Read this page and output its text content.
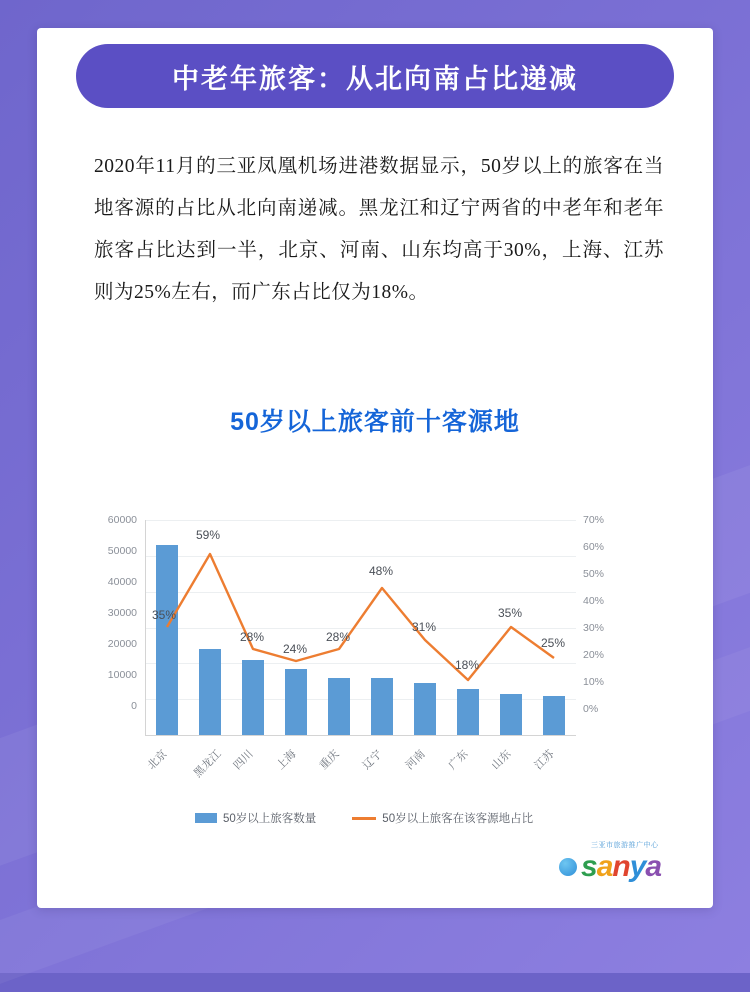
中老年旅客：从北向南占比递减
2020年11月的三亚凤凰机场进港数据显示，50岁以上的旅客在当地客源的占比从北向南递减。黑龙江和辽宁两省的中老年和老年旅客占比达到一半，北京、河南、山东均高于30%，上海、江苏则为25%左右，而广东占比仅为18%。
50岁以上旅客前十客源地
60000
50000
40000
30000
20000
10000
0
70%
60%
50%
40%
30%
20%
10%
0%
35%
59%
28%
24%
28%
48%
31%
18%
35%
25%
北京 黑龙江 四川 上海 重庆 辽宁 河南 广东 山东 江苏
50岁以上旅客数量	50岁以上旅客在该客源地占比
三亚市旅游推广中心
sanya
